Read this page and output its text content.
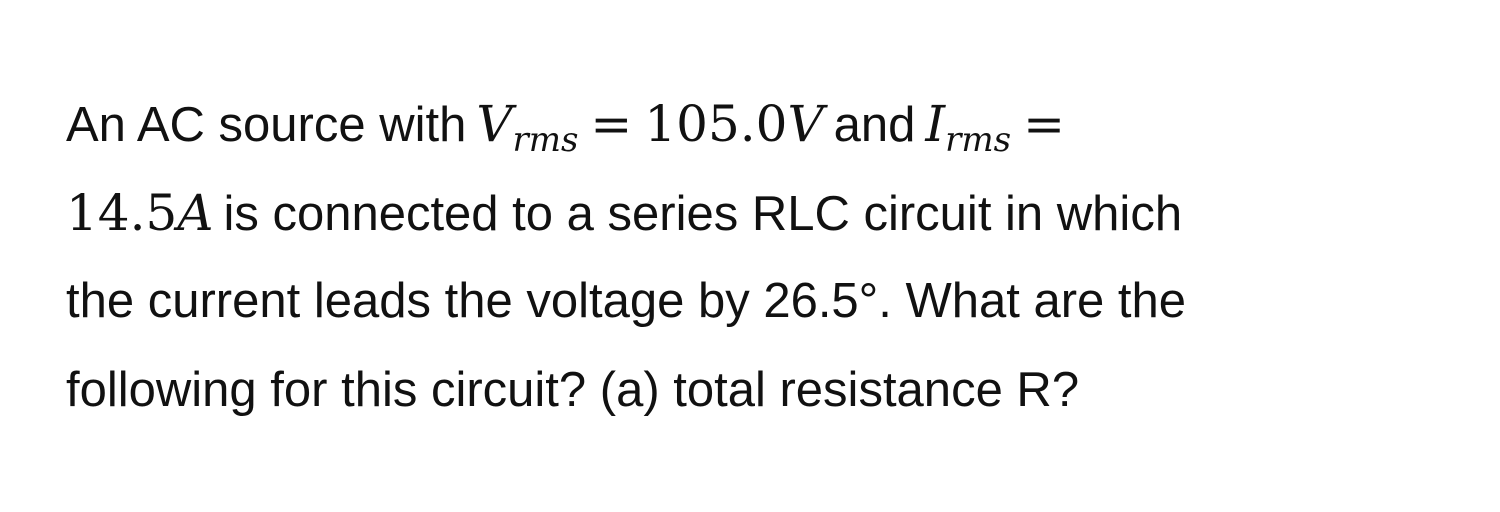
An AC source with $V_{rms} = 105.0V$ and $I_{rms}$ =
14.5A is connected to a series RLC circuit in which
the current leads the voltage by 26.5°. What are the
following for this circuit? (a) total resistance R?
